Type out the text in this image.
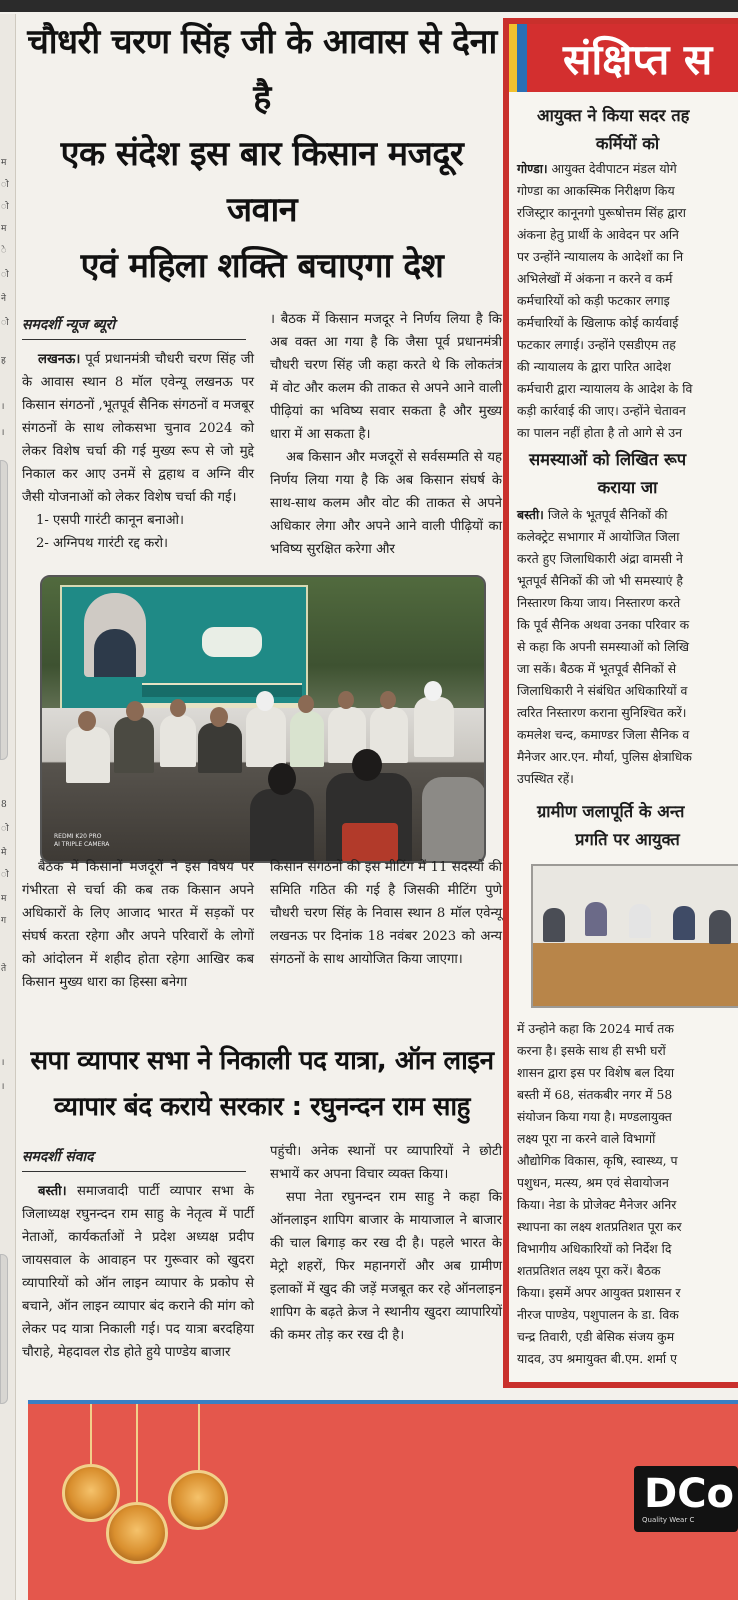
म
ो
ो
म
े
ो
ने
ो
ह
।
।
8
ो
मे
ो
म
ग
ते
।
।
चौधरी चरण सिंह जी के आवास से देना है
एक संदेश इस बार किसान मजदूर जवान
एवं महिला शक्ति बचाएगा देश
समदर्शी न्यूज ब्यूरो

लखनऊ। पूर्व प्रधानमंत्री चौधरी चरण सिंह जी के आवास स्थान 8 मॉल एवेन्यू लखनऊ पर किसान संगठनों ,भूतपूर्व सैनिक संगठनों व मजबूर संगठनों के साथ लोकसभा चुनाव 2024 को लेकर विशेष चर्चा की गई मुख्य रूप से जो मुद्दे निकाल कर आए उनमें से द्वहाथ व अग्नि वीर जैसी योजनाओं को लेकर विशेष चर्चा की गई।

1- एसपी गारंटी कानून बनाओ।
2- अग्निपथ गारंटी रद्द करो।

। बैठक में किसान मजदूर ने निर्णय लिया है कि अब वक्त आ गया है कि जैसा पूर्व प्रधानमंत्री चौधरी चरण सिंह जी कहा करते थे कि लोकतंत्र में वोट और कलम की ताकत से अपने आने वाली पीढ़ियां का भविष्य सवार सकता है और मुख्य धारा में आ सकता है।

अब किसान और मजदूरों से सर्वसम्मति से यह निर्णय लिया गया है कि अब किसान संघर्ष के साथ-साथ कलम और वोट की ताकत से अपने अधिकार लेगा और अपने आने वाली पीढ़ियों का भविष्य सुरक्षित करेगा और

REDMI K20 PRO
AI TRIPLE CAMERA

बैठक में किसानों मजदूरों ने इस विषय पर गंभीरता से चर्चा की कब तक किसान अपने अधिकारों के लिए आजाद भारत में सड़कों पर संघर्ष करता रहेगा और अपने परिवारों के लोगों को आंदोलन में शहीद होता रहेगा आखिर कब किसान मुख्य धारा का हिस्सा बनेगा

किसान संगठनों की इस मीटिंग में 11 सदस्यों की समिति गठित की गई है जिसकी मीटिंग पुणे चौधरी चरण सिंह के निवास स्थान 8 मॉल एवेन्यू लखनऊ पर दिनांक 18 नवंबर 2023 को अन्य संगठनों के साथ आयोजित किया जाएगा।

सपा व्यापार सभा ने निकाली पद यात्रा, ऑन लाइन
व्यापार बंद कराये सरकार : रघुनन्दन राम साहु
समदर्शी संवाद

बस्ती। समाजवादी पार्टी व्यापार सभा के जिलाध्यक्ष रघुनन्दन राम साहु के नेतृत्व में पार्टी नेताओं, कार्यकर्ताओं ने प्रदेश अध्यक्ष प्रदीप जायसवाल के आवाहन पर गुरूवार को खुदरा व्यापारियों को ऑन लाइन व्यापार के प्रकोप से बचाने, ऑन लाइन व्यापार बंद कराने की मांग को लेकर पद यात्रा निकाली गई। पद यात्रा बरदहिया चौराहे, मेहदावल रोड होते हुये पाण्डेय बाजार

पहुंची। अनेक स्थानों पर व्यापारियों ने छोटी सभायें कर अपना विचार व्यक्त किया।

सपा नेता रघुनन्दन राम साहु ने कहा कि ऑनलाइन शापिग बाजार के मायाजाल ने बाजार की चाल बिगाड़ कर रख दी है। पहले भारत के मेट्रो शहरों, फिर महानगरों और अब ग्रामीण इलाकों में खुद की जड़ें मजबूत कर रहे ऑनलाइन शापिग के बढ़ते क्रेज ने स्थानीय खुदरा व्यापारियों की कमर तोड़ कर रख दी है।

संक्षिप्त स
आयुक्त ने किया सदर तह
कर्मियों को
गोण्डा। आयुक्त देवीपाटन मंडल योगे
गोण्डा का आकस्मिक निरीक्षण किय
रजिस्ट्रार कानूनगो पुरूषोत्तम सिंह द्वारा
अंकना हेतु प्रार्थी के आवेदन पर अनि
पर उन्होंने न्यायालय के आदेशों का नि
अभिलेखों में अंकना न करने व कर्म
कर्मचारियों को कड़ी फटकार लगाइ
कर्मचारियों के खिलाफ कोई कार्यवाई
फटकार लगाई। उन्होंने एसडीएम तह
की न्यायालय के द्वारा पारित आदेश
कर्मचारी द्वारा न्यायालय के आदेश के वि
कड़ी कार्रवाई की जाए। उन्होंने चेतावन
का पालन नहीं होता है तो आगे से उन
समस्याओं को लिखित रूप
कराया जा
बस्ती। जिले के भूतपूर्व सैनिकों की
कलेक्ट्रेट सभागार में आयोजित जिला
करते हुए जिलाधिकारी अंद्रा वामसी ने
भूतपूर्व सैनिकों की जो भी समस्याएं है
निस्तारण किया जाय। निस्तारण करते
कि पूर्व सैनिक अथवा उनका परिवार क
से कहा कि अपनी समस्याओं को लिखि
जा सकें। बैठक में भूतपूर्व सैनिकों से
जिलाधिकारी ने संबंधित अधिकारियों व
त्वरित निस्तारण कराना सुनिश्चित करें।
कमलेश चन्द, कमाण्डर जिला सैनिक व
मैनेजर आर.एन. मौर्या, पुलिस क्षेत्राधिक
उपस्थित रहें।
ग्रामीण जलापूर्ति के अन्त
प्रगति पर आयुक्त
में उन्होने कहा कि 2024 मार्च तक
करना है। इसके साथ ही सभी घरों
शासन द्वारा इस पर विशेष बल दिया
बस्ती में 68, संतकबीर नगर में 58
संयोजन किया गया है। मण्डलायुक्त
लक्ष्य पूरा ना करने वाले विभागों
औद्योगिक विकास, कृषि, स्वास्थ्य, प
पशुधन, मत्स्य, श्रम एवं सेवायोजन
किया। नेडा के प्रोजेक्ट मैनेजर अनिर
स्थापना का लक्ष्य शतप्रतिशत पूरा कर
विभागीय अधिकारियों को निर्देश दि
शतप्रतिशत लक्ष्य पूरा करें। बैठक
किया। इसमें अपर आयुक्त प्रशासन र
नीरज पाण्डेय, पशुपालन के डा. विक
चन्द्र तिवारी, एडी बेसिक संजय कुम
यादव, उप श्रमायुक्त बी.एम. शर्मा ए
DCo
Quality Wear C
